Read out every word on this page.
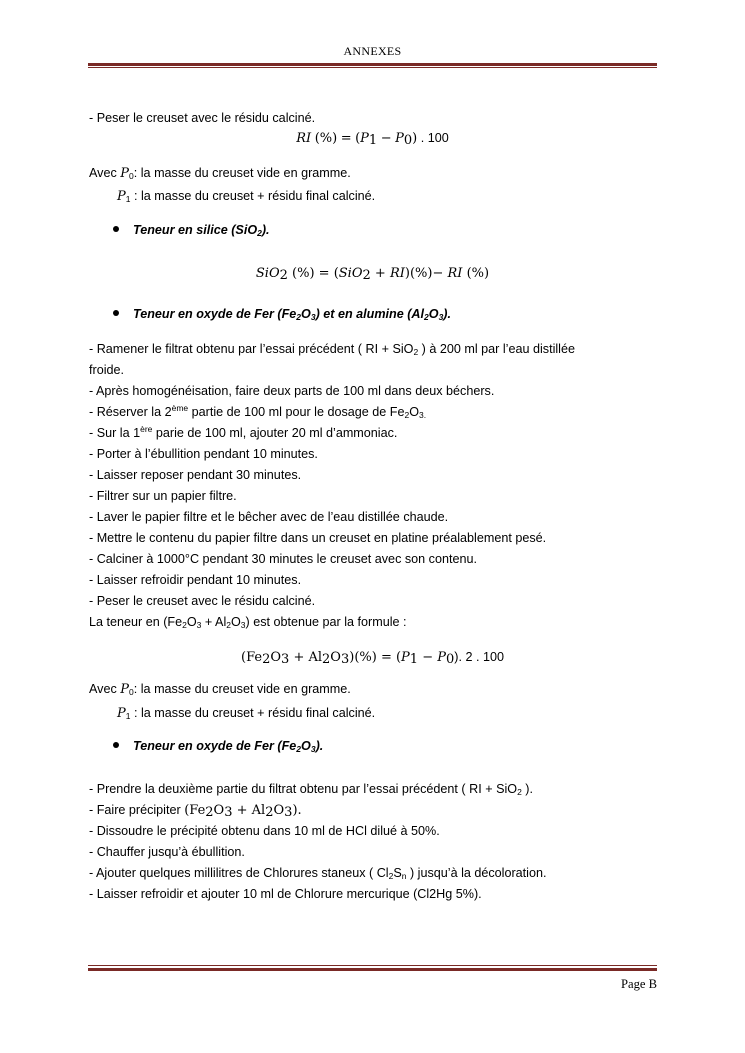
ANNEXES
- Peser le creuset avec le résidu calciné.
RI (%) = $(P_1 - P_0)$ . 100
Avec $P_0$: la masse du creuset vide en gramme.
$P_1$ : la masse du creuset + résidu final calciné.
Teneur en silice (SiO$_2$).
SiO$_2$ (%) = (SiO$_2$ + RI)(%)− RI (%)
Teneur en oxyde de Fer $(Fe_2O_3)$ et en alumine $(Al_2O_3)$.
- Ramener le filtrat obtenu par l’essai précédent ( RI + SiO$_2$ ) à 200 ml par l’eau distillée
froide.
- Après homogénéisation, faire deux parts de 100 ml dans deux béchers.
- Réserver la 2ème partie de 100 ml pour le dosage de $Fe_2O_{3.}$
- Sur la 1ère parie de 100 ml, ajouter 20 ml d’ammoniac.
- Porter à l’ébullition pendant 10 minutes.
- Laisser reposer pendant 30 minutes.
- Filtrer sur un papier filtre.
- Laver le papier filtre et le bêcher avec de l’eau distillée chaude.
- Mettre le contenu du papier filtre dans un creuset en platine préalablement pesé.
- Calciner à 1000°C pendant 30 minutes le creuset avec son contenu.
- Laisser refroidir pendant 10 minutes.
- Peser le creuset avec le résidu calciné.
La teneur en $(Fe_2O_3 + Al_2O_3)$ est obtenue par la formule :
$(Fe_2O_3 + Al_2O_3)(\%) = (P_1 - P_0)$. 2 . 100
Avec $P_0$: la masse du creuset vide en gramme.
$P_1$ : la masse du creuset + résidu final calciné.
Teneur en oxyde de Fer $(Fe_2O_3)$.
- Prendre la deuxième partie du filtrat obtenu par l’essai précédent ( RI + SiO$_2$ ).
- Faire précipiter $(Fe_2O_3 + Al_2O_3)$.
- Dissoudre le précipité obtenu dans 10 ml de HCl dilué à 50%.
- Chauffer jusqu’à ébullition.
- Ajouter quelques millilitres de Chlorures staneux ( $Cl_2S_n$ ) jusqu’à la décoloration.
- Laisser refroidir et ajouter 10 ml de Chlorure mercurique (Cl2Hg 5%).
Page B
